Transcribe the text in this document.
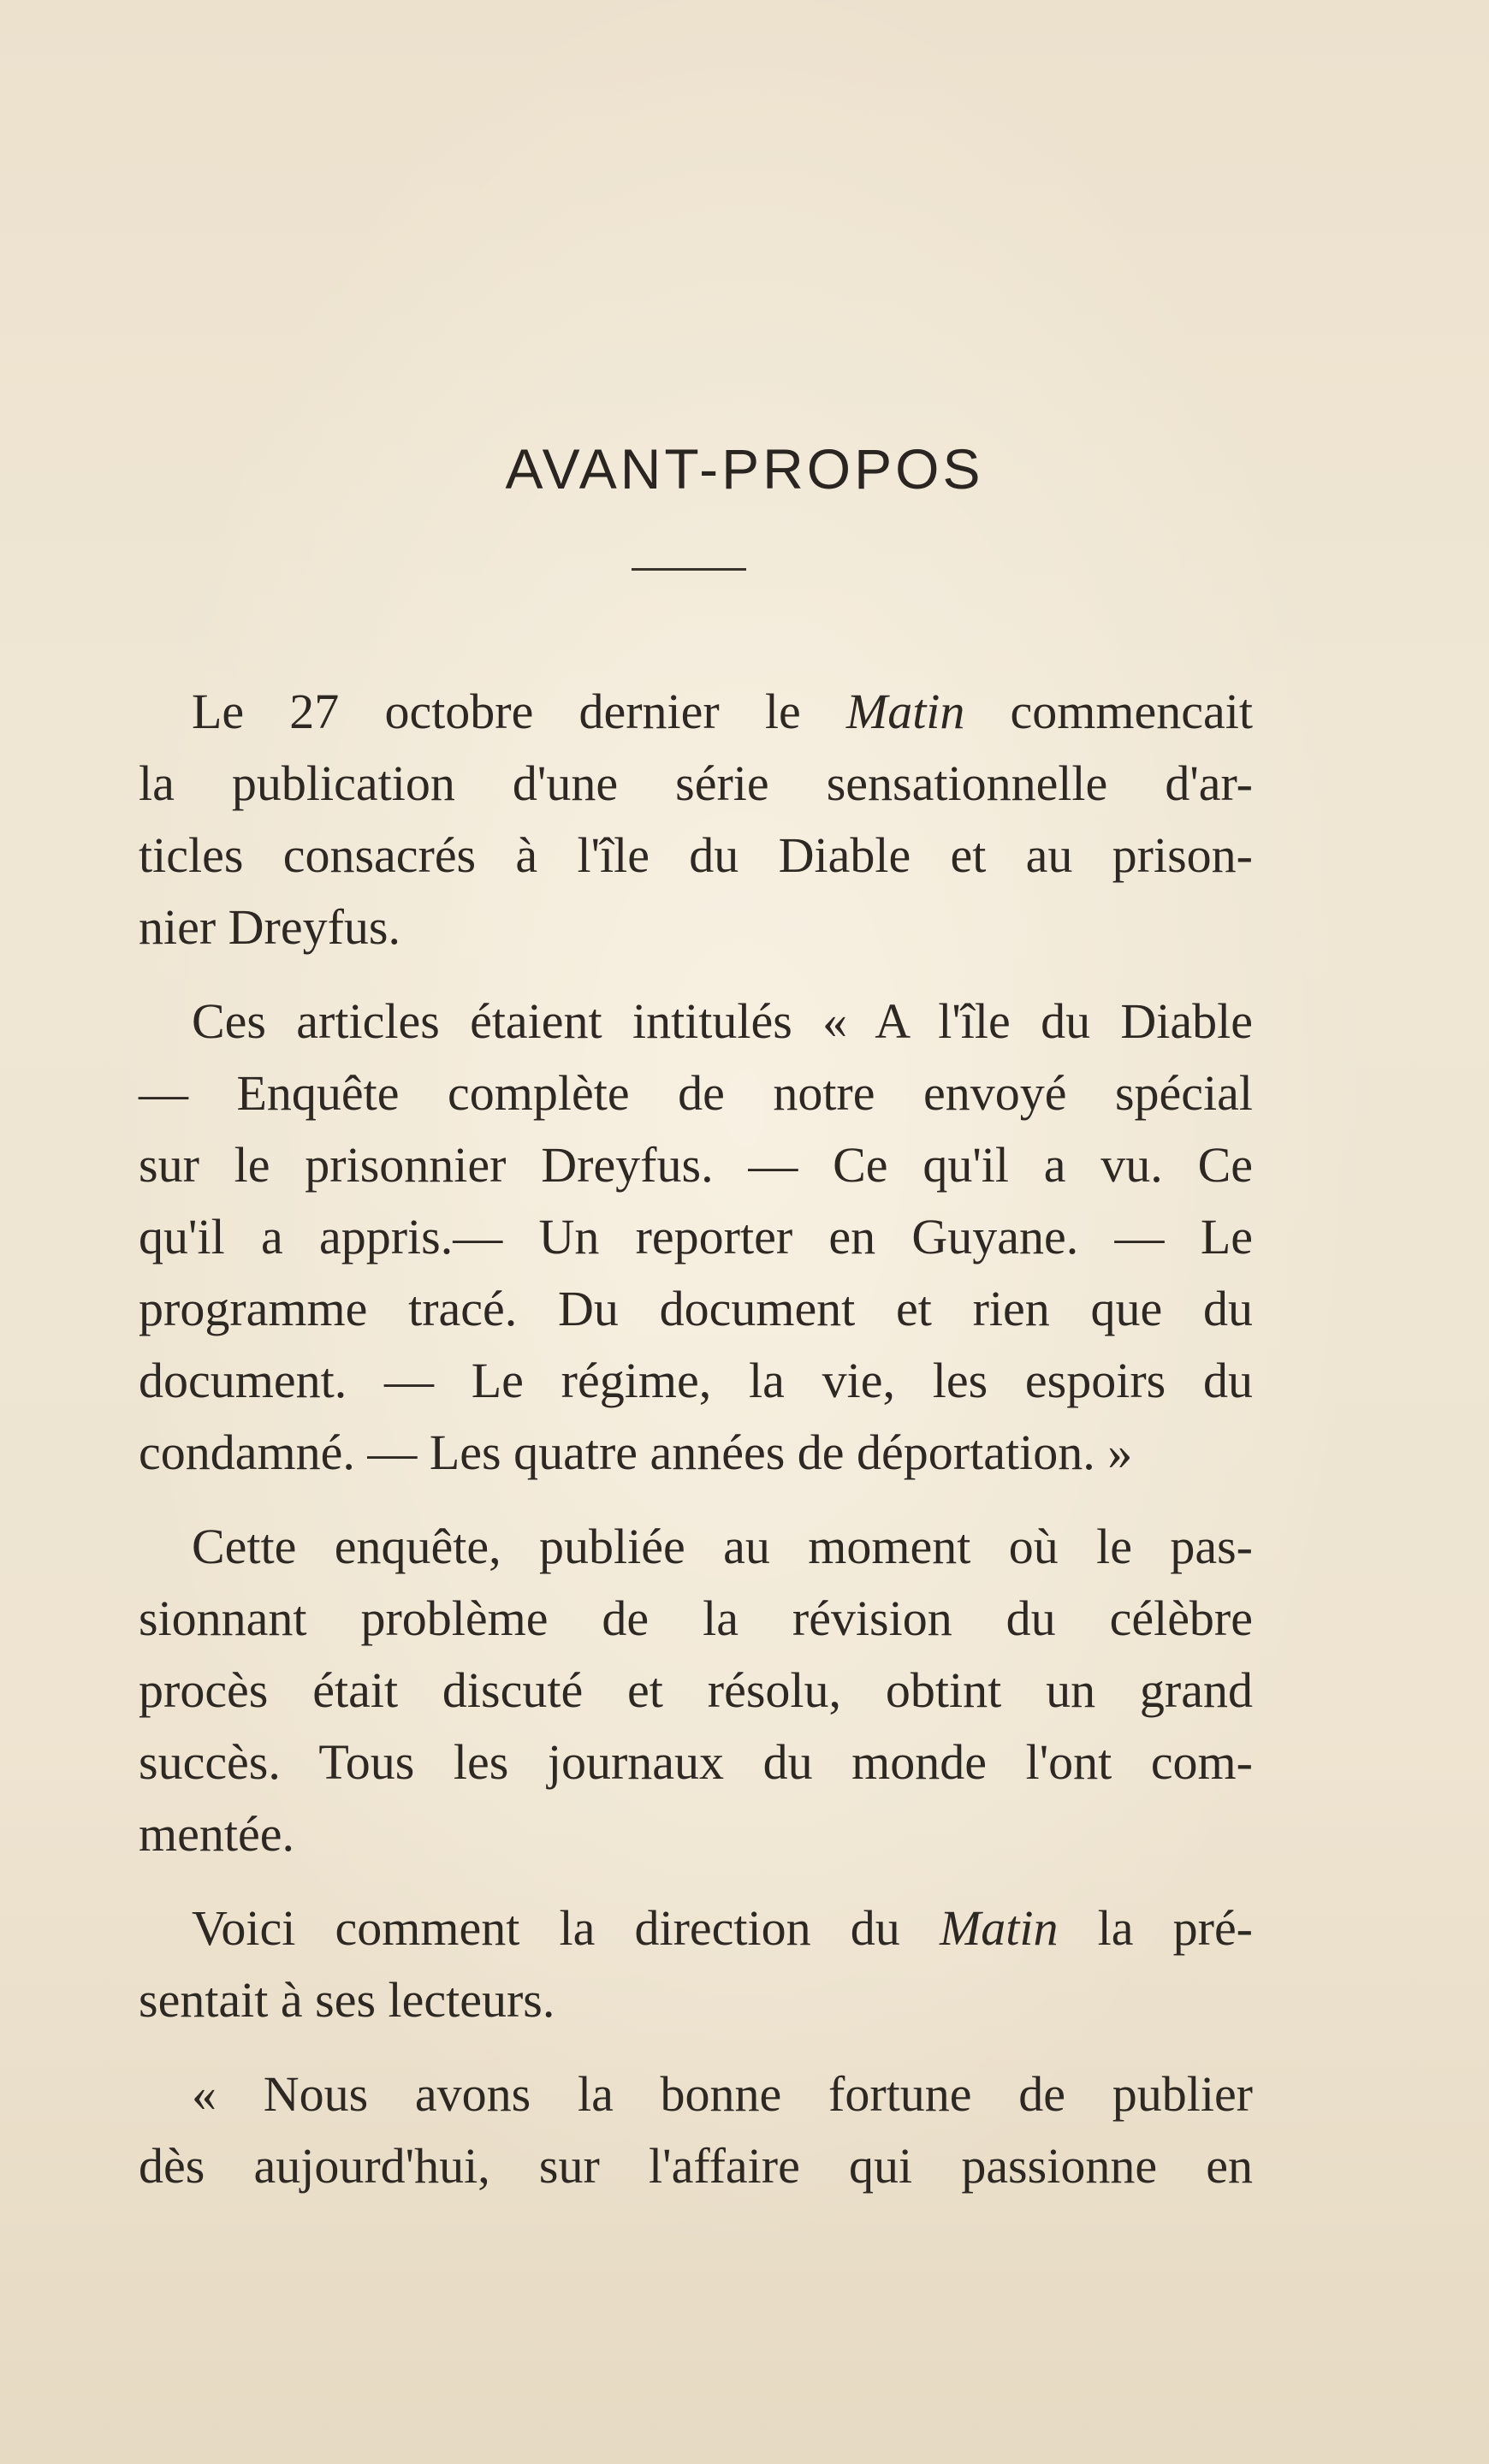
AVANT-PROPOS
Le 27 octobre dernier le Matin commencait
la publication d'une série sensationnelle d'ar-
ticles consacrés à l'île du Diable et au prison-
nier Dreyfus.
Ces articles étaient intitulés « A l'île du Diable
— Enquête complète de notre envoyé spécial
sur le prisonnier Dreyfus. — Ce qu'il a vu. Ce
qu'il a appris.— Un reporter en Guyane. — Le
programme tracé. Du document et rien que du
document. — Le régime, la vie, les espoirs du
condamné. — Les quatre années de déportation. »
Cette enquête, publiée au moment où le pas-
sionnant problème de la révision du célèbre
procès était discuté et résolu, obtint un grand
succès. Tous les journaux du monde l'ont com-
mentée.
Voici comment la direction du Matin la pré-
sentait à ses lecteurs.
« Nous avons la bonne fortune de publier
dès aujourd'hui, sur l'affaire qui passionne en
